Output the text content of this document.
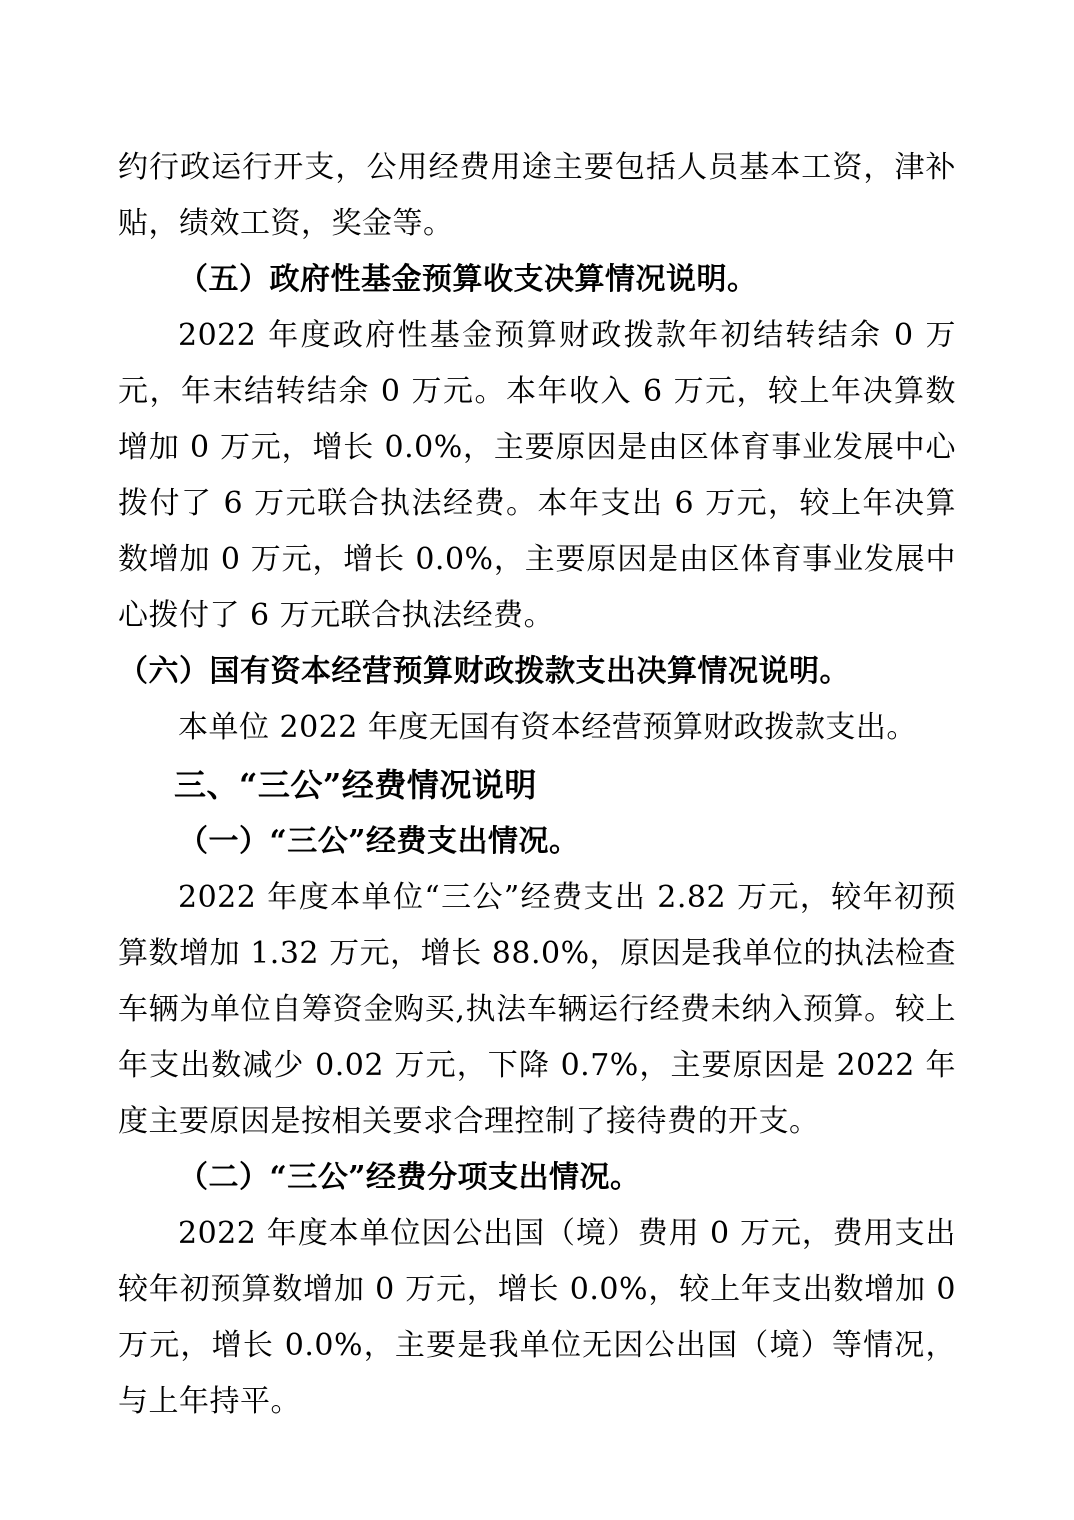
约行政运行开支，公用经费用途主要包括人员基本工资，津补贴，绩效工资，奖金等。

（五）政府性基金预算收支决算情况说明。

2022 年度政府性基金预算财政拨款年初结转结余 0 万元，年末结转结余 0 万元。本年收入 6 万元，较上年决算数增加 0 万元，增长 0.0%，主要原因是由区体育事业发展中心拨付了 6 万元联合执法经费。本年支出 6 万元，较上年决算数增加 0 万元，增长 0.0%，主要原因是由区体育事业发展中心拨付了 6 万元联合执法经费。

（六）国有资本经营预算财政拨款支出决算情况说明。

本单位 2022 年度无国有资本经营预算财政拨款支出。

三、“三公”经费情况说明

（一）“三公”经费支出情况。

2022 年度本单位“三公”经费支出 2.82 万元，较年初预算数增加 1.32 万元，增长 88.0%，原因是我单位的执法检查车辆为单位自筹资金购买,执法车辆运行经费未纳入预算。较上年支出数减少 0.02 万元，下降 0.7%，主要原因是 2022 年度主要原因是按相关要求合理控制了接待费的开支。

（二）“三公”经费分项支出情况。

2022 年度本单位因公出国（境）费用 0 万元，费用支出较年初预算数增加 0 万元，增长 0.0%，较上年支出数增加 0 万元，增长 0.0%，主要是我单位无因公出国（境）等情况，与上年持平。
